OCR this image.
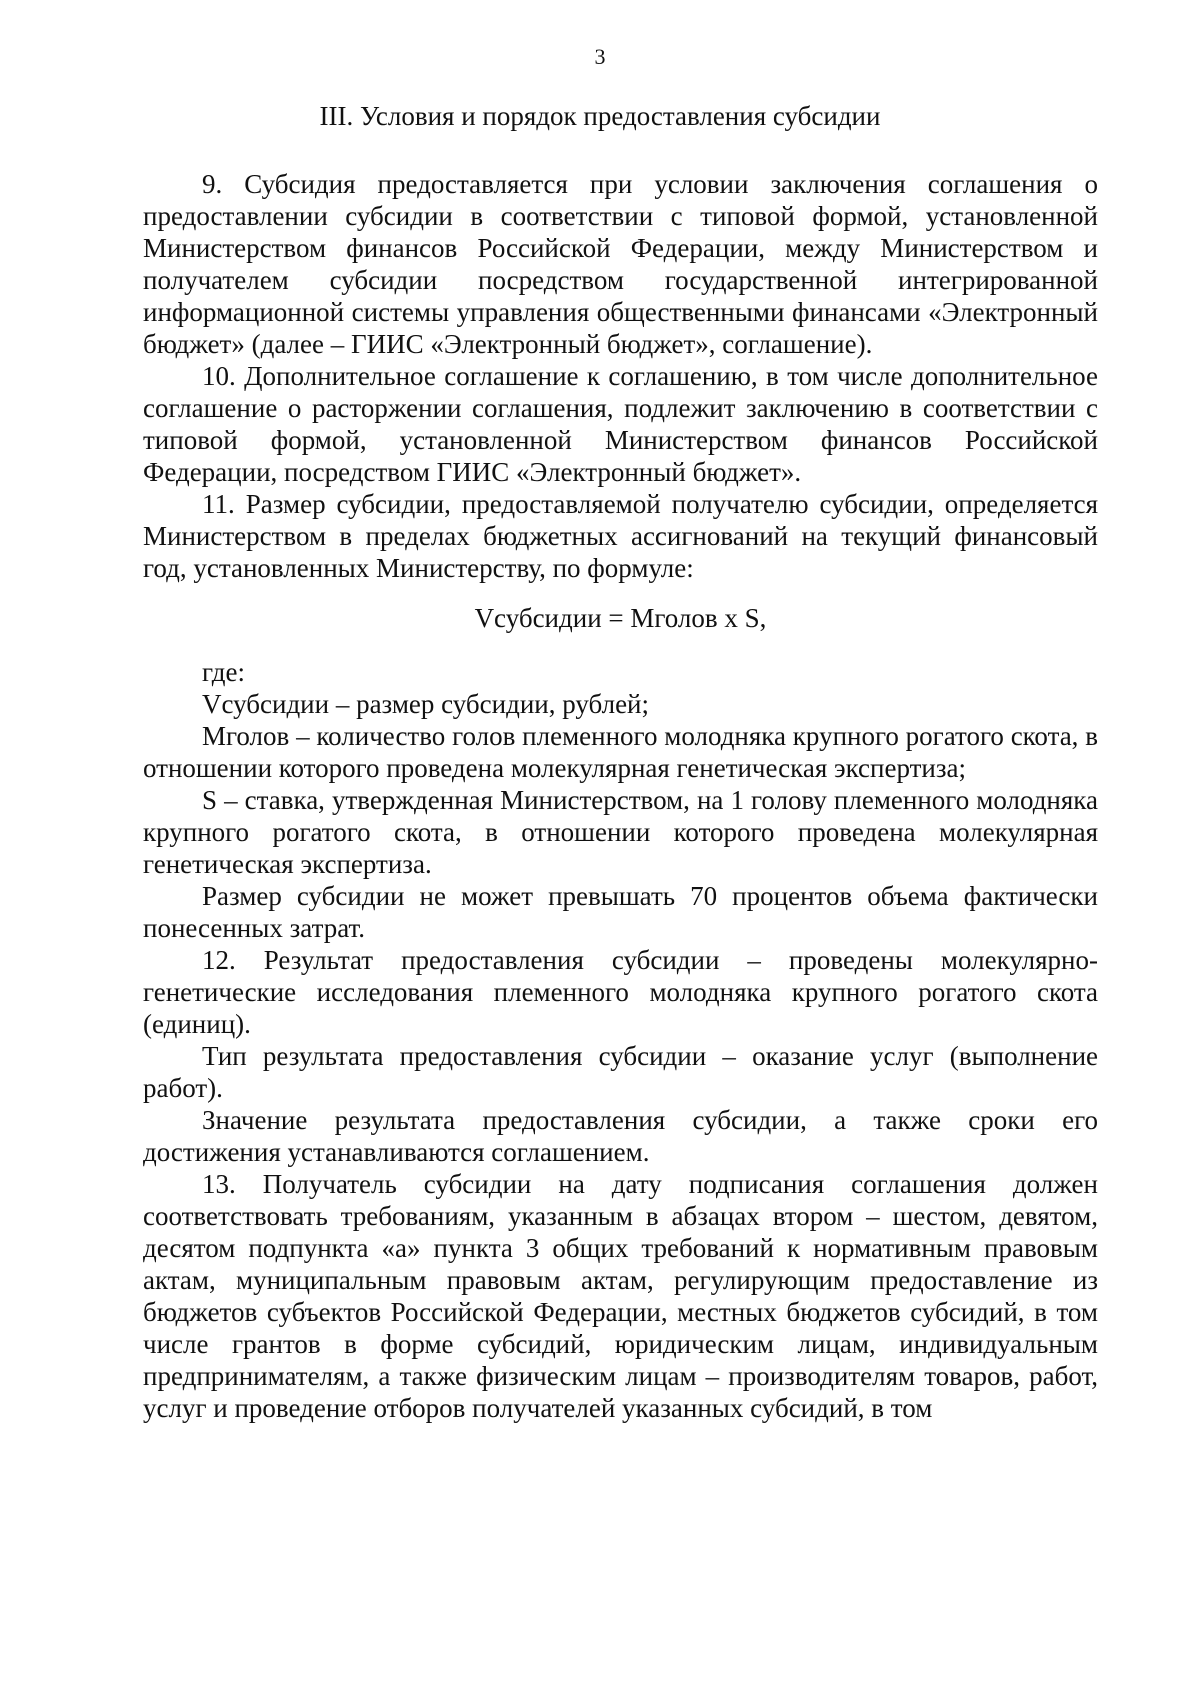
3
III. Условия и порядок предоставления субсидии

9. Субсидия предоставляется при условии заключения соглашения о предоставлении субсидии в соответствии с типовой формой, установленной Министерством финансов Российской Федерации, между Министерством и получателем субсидии посредством государственной интегрированной информационной системы управления общественными финансами «Электронный бюджет» (далее – ГИИС «Электронный бюджет», соглашение).

10. Дополнительное соглашение к соглашению, в том числе дополнительное соглашение о расторжении соглашения, подлежит заключению в соответствии с типовой формой, установленной Министерством финансов Российской Федерации, посредством ГИИС «Электронный бюджет».

11. Размер субсидии, предоставляемой получателю субсидии, определяется Министерством в пределах бюджетных ассигнований на текущий финансовый год, установленных Министерству, по формуле:

Vсубсидии = Mголов x S,

где:

Vсубсидии – размер субсидии, рублей;

Mголов – количество голов племенного молодняка крупного рогатого скота, в отношении которого проведена молекулярная генетическая экспертиза;

S – ставка, утвержденная Министерством, на 1 голову племенного молодняка крупного рогатого скота, в отношении которого проведена молекулярная генетическая экспертиза.

Размер субсидии не может превышать 70 процентов объема фактически понесенных затрат.

12. Результат предоставления субсидии – проведены молекулярно-генетические исследования племенного молодняка крупного рогатого скота (единиц).

Тип результата предоставления субсидии – оказание услуг (выполнение работ).

Значение результата предоставления субсидии, а также сроки его достижения устанавливаются соглашением.

13. Получатель субсидии на дату подписания соглашения должен соответствовать требованиям, указанным в абзацах втором – шестом, девятом, десятом подпункта «а» пункта 3 общих требований к нормативным правовым актам, муниципальным правовым актам, регулирующим предоставление из бюджетов субъектов Российской Федерации, местных бюджетов субсидий, в том числе грантов в форме субсидий, юридическим лицам, индивидуальным предпринимателям, а также физическим лицам – производителям товаров, работ, услуг и проведение отборов получателей указанных субсидий, в том
